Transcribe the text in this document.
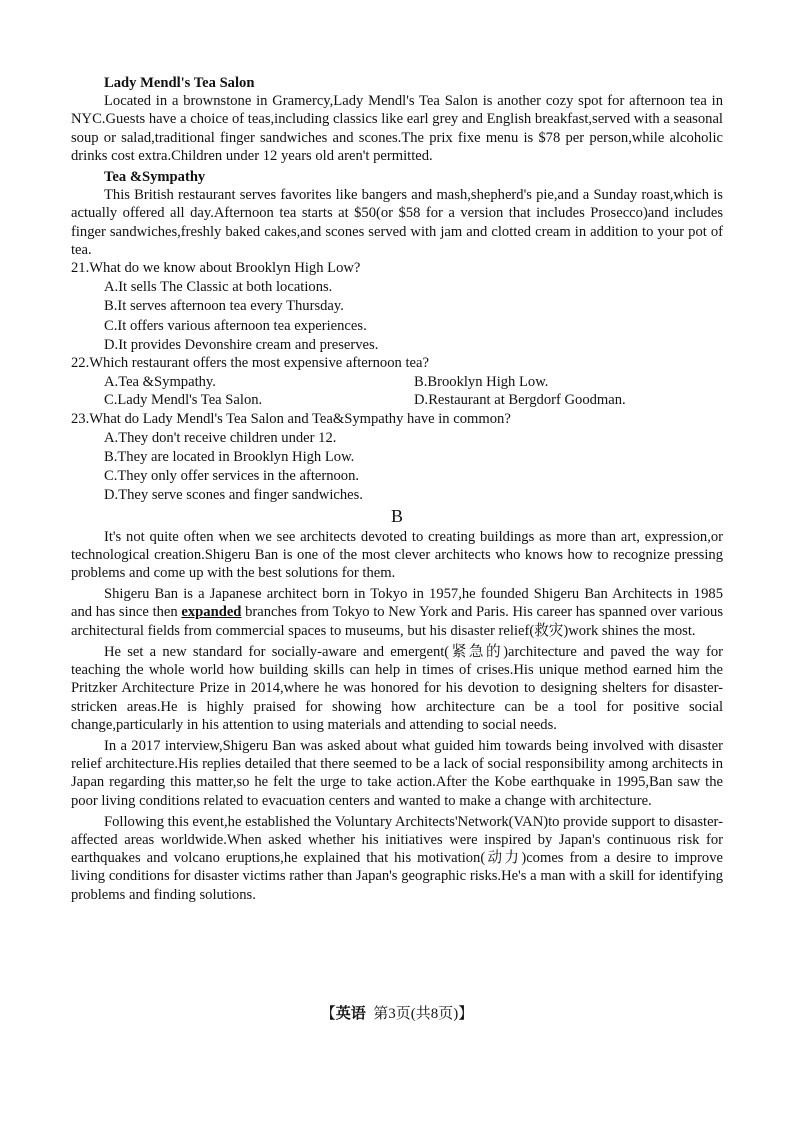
Lady Mendl's Tea Salon

Located in a brownstone in Gramercy,Lady Mendl's Tea Salon is another cozy spot for afternoon tea in NYC.Guests have a choice of teas,including classics like earl grey and English breakfast,served with a seasonal soup or salad,traditional finger sandwiches and scones.The prix fixe menu is $78 per person,while alcoholic drinks cost extra.Children under 12 years old aren't permitted.

Tea &Sympathy

This British restaurant serves favorites like bangers and mash,shepherd's pie,and a Sunday roast,which is actually offered all day.Afternoon tea starts at $50(or $58 for a version that includes Prosecco)and includes finger sandwiches,freshly baked cakes,and scones served with jam and clotted cream in addition to your pot of tea.

21.What do we know about Brooklyn High Low?

A.It sells The Classic at both locations.

B.It serves afternoon tea every Thursday.

C.It offers various afternoon tea experiences.

D.It provides Devonshire cream and preserves.

22.Which restaurant offers the most expensive afternoon tea?

A.Tea &Sympathy.	B.Brooklyn High Low.
C.Lady Mendl's Tea Salon.	D.Restaurant at Bergdorf Goodman.

23.What do Lady Mendl's Tea Salon and Tea&Sympathy have in common?

A.They don't receive children under 12.

B.They are located in Brooklyn High Low.

C.They only offer services in the afternoon.

D.They serve scones and finger sandwiches.

B

It's not quite often when we see architects devoted to creating buildings as more than art, expression,or technological creation.Shigeru Ban is one of the most clever architects who knows how to recognize pressing problems and come up with the best solutions for them.

Shigeru Ban is a Japanese architect born in Tokyo in 1957,he founded Shigeru Ban Architects in 1985 and has since then expanded branches from Tokyo to New York and Paris. His career has spanned over various architectural fields from commercial spaces to museums, but his disaster relief(救灾)work shines the most.

He set a new standard for socially-aware and emergent(紧急的)architecture and paved the way for teaching the whole world how building skills can help in times of crises.His unique method earned him the Pritzker Architecture Prize in 2014,where he was honored for his devotion to designing shelters for disaster-stricken areas.He is highly praised for showing how architecture can be a tool for positive social change,particularly in his attention to using materials and attending to social needs.

In a 2017 interview,Shigeru Ban was asked about what guided him towards being involved with disaster relief architecture.His replies detailed that there seemed to be a lack of social responsibility among architects in Japan regarding this matter,so he felt the urge to take action.After the Kobe earthquake in 1995,Ban saw the poor living conditions related to evacuation centers and wanted to make a change with architecture.

Following this event,he established the Voluntary Architects'Network(VAN)to provide support to disaster-affected areas worldwide.When asked whether his initiatives were inspired by Japan's continuous risk for earthquakes and volcano eruptions,he explained that his motivation(动力)comes from a desire to improve living conditions for disaster victims rather than Japan's geographic risks.He's a man with a skill for identifying problems and finding solutions.

【英语 第3页(共8页)】
